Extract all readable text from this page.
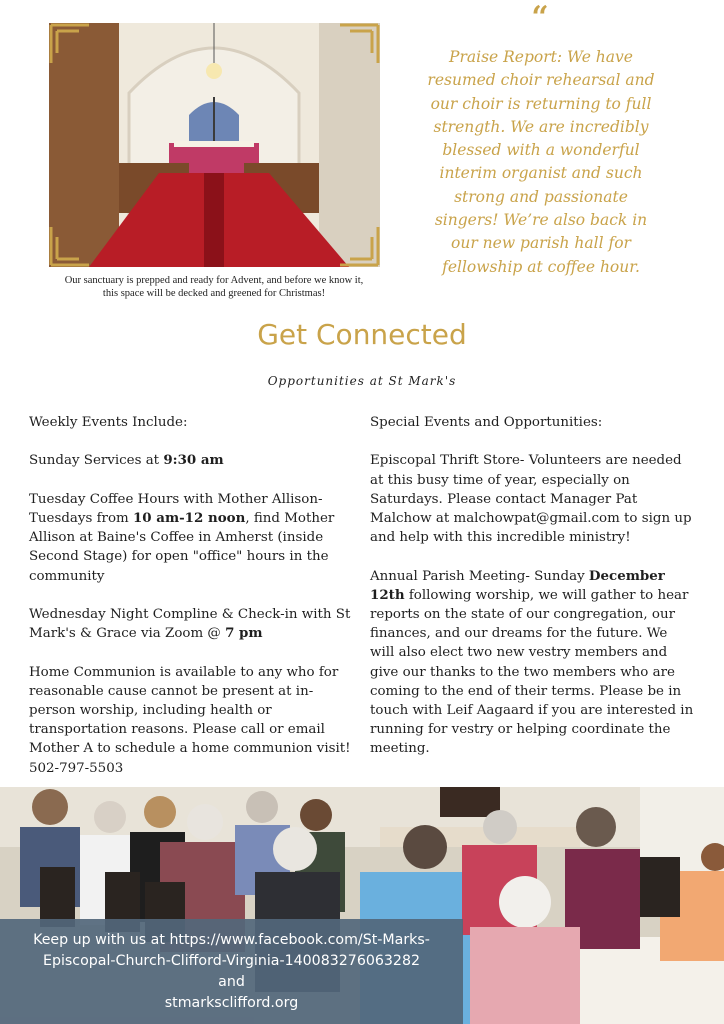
Our sanctuary is prepped and ready for Advent, and before we know it, this space will be decked and greened for Christmas!
“
Praise Report: We have resumed choir rehearsal and our choir is returning to full strength. We are incredibly blessed with a wonderful interim organist and such strong and passionate singers! We’re also back in our new parish hall for fellowship at coffee hour.
Get Connected
Opportunities at St Mark's

Weekly Events Include:

Sunday Services at 9:30 am

Tuesday Coffee Hours with Mother Allison- Tuesdays from 10 am-12 noon, find Mother Allison at Baine's Coffee in Amherst (inside Second Stage) for open "office" hours in the community

Wednesday Night Compline & Check-in with St Mark's & Grace via Zoom @ 7 pm

Home Communion is available to any who for reasonable cause cannot be present at in-person worship, including health or transportation reasons. Please call or email Mother A to schedule a home communion visit! 502-797-5503

Special Events and Opportunities:

Episcopal Thrift Store- Volunteers are needed at this busy time of year, especially on Saturdays. Please contact Manager Pat Malchow at malchowpat@gmail.com to sign up and help with this incredible ministry!

Annual Parish Meeting- Sunday December 12th following worship, we will gather to hear reports on the state of our congregation, our finances, and our dreams for the future. We will also elect two new vestry members and give our thanks to the two members who are coming to the end of their terms. Please be in touch with Leif Aagaard if you are interested in running for vestry or helping coordinate the meeting.

Keep up with us at https://www.facebook.com/St-Marks-Episcopal-Church-Clifford-Virginia-140083276063282
and
stmarksclifford.org
